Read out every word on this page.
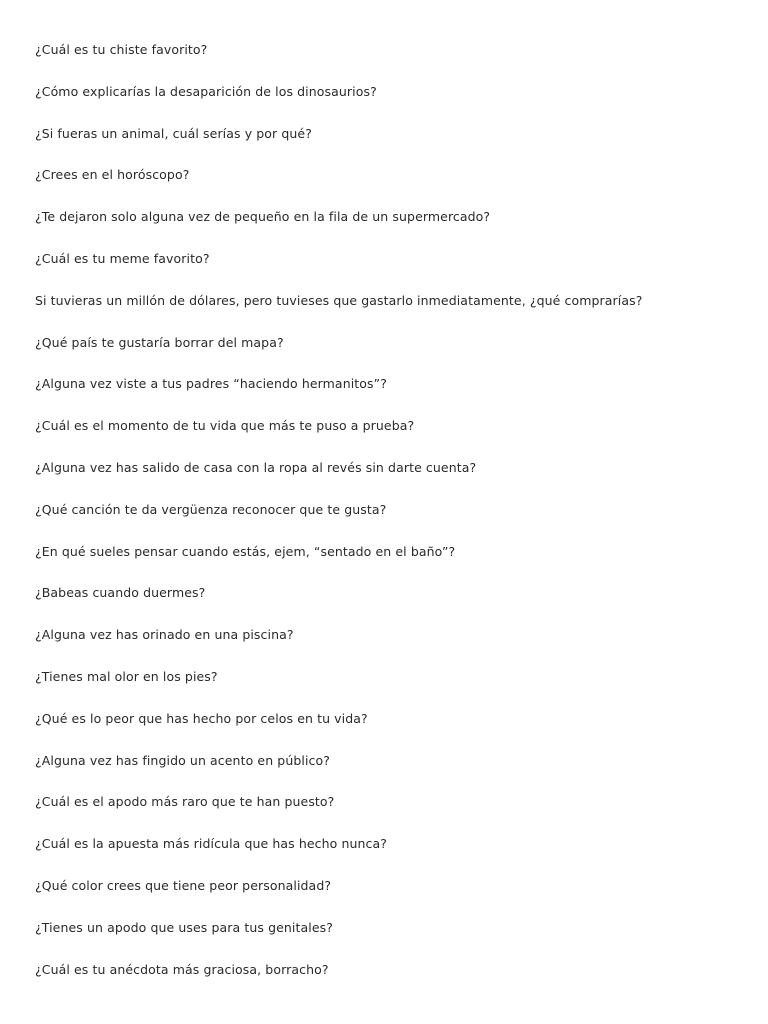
¿Cuál es tu chiste favorito?
¿Cómo explicarías la desaparición de los dinosaurios?
¿Si fueras un animal, cuál serías y por qué?
¿Crees en el horóscopo?
¿Te dejaron solo alguna vez de pequeño en la fila de un supermercado?
¿Cuál es tu meme favorito?
Si tuvieras un millón de dólares, pero tuvieses que gastarlo inmediatamente, ¿qué comprarías?
¿Qué país te gustaría borrar del mapa?
¿Alguna vez viste a tus padres “haciendo hermanitos”?
¿Cuál es el momento de tu vida que más te puso a prueba?
¿Alguna vez has salido de casa con la ropa al revés sin darte cuenta?
¿Qué canción te da vergüenza reconocer que te gusta?
¿En qué sueles pensar cuando estás, ejem, “sentado en el baño”?
¿Babeas cuando duermes?
¿Alguna vez has orinado en una piscina?
¿Tienes mal olor en los pies?
¿Qué es lo peor que has hecho por celos en tu vida?
¿Alguna vez has fingido un acento en público?
¿Cuál es el apodo más raro que te han puesto?
¿Cuál es la apuesta más ridícula que has hecho nunca?
¿Qué color crees que tiene peor personalidad?
¿Tienes un apodo que uses para tus genitales?
¿Cuál es tu anécdota más graciosa, borracho?
